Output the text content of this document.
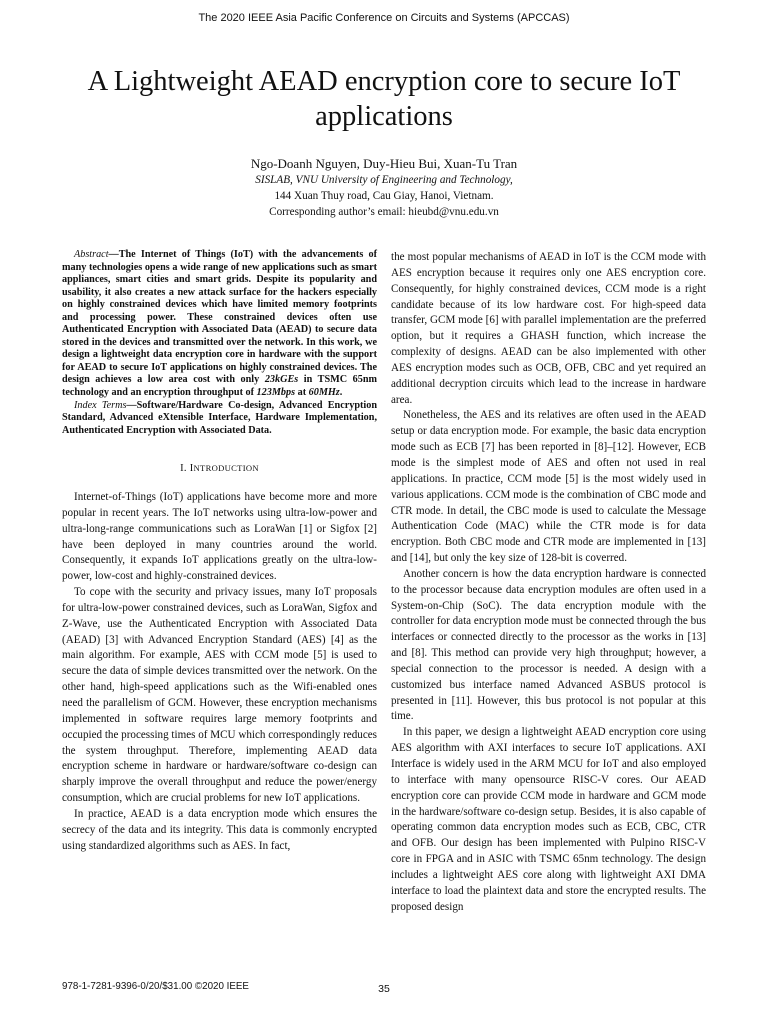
The 2020 IEEE Asia Pacific Conference on Circuits and Systems (APCCAS)
A Lightweight AEAD encryption core to secure IoT applications
Ngo-Doanh Nguyen, Duy-Hieu Bui, Xuan-Tu Tran
SISLAB, VNU University of Engineering and Technology,
144 Xuan Thuy road, Cau Giay, Hanoi, Vietnam.
Corresponding author’s email: hieubd@vnu.edu.vn

Abstract—The Internet of Things (IoT) with the advancements of many technologies opens a wide range of new applications such as smart appliances, smart cities and smart grids. Despite its popularity and usability, it also creates a new attack surface for the hackers especially on highly constrained devices which have limited memory footprints and processing power. These constrained devices often use Authenticated Encryption with Associated Data (AEAD) to secure data stored in the devices and transmitted over the network. In this work, we design a lightweight data encryption core in hardware with the support for AEAD to secure IoT applications on highly constrained devices. The design achieves a low area cost with only 23kGEs in TSMC 65nm technology and an encryption throughput of 123Mbps at 60MHz.

Index Terms—Software/Hardware Co-design, Advanced Encryption Standard, Advanced eXtensible Interface, Hardware Implementation, Authenticated Encryption with Associated Data.

I. INTRODUCTION

Internet-of-Things (IoT) applications have become more and more popular in recent years. The IoT networks using ultra-low-power and ultra-long-range communications such as LoraWan [1] or Sigfox [2] have been deployed in many countries around the world. Consequently, it expands IoT applications greatly on the ultra-low-power, low-cost and highly-constrained devices.

To cope with the security and privacy issues, many IoT proposals for ultra-low-power constrained devices, such as LoraWan, Sigfox and Z-Wave, use the Authenticated Encryption with Associated Data (AEAD) [3] with Advanced Encryption Standard (AES) [4] as the main algorithm. For example, AES with CCM mode [5] is used to secure the data of simple devices transmitted over the network. On the other hand, high-speed applications such as the Wifi-enabled ones need the parallelism of GCM. However, these encryption mechanisms implemented in software requires large memory footprints and occupied the processing times of MCU which correspondingly reduces the system throughput. Therefore, implementing AEAD data encryption scheme in hardware or hardware/software co-design can sharply improve the overall throughput and reduce the power/energy consumption, which are crucial problems for new IoT applications.

In practice, AEAD is a data encryption mode which ensures the secrecy of the data and its integrity. This data is commonly encrypted using standardized algorithms such as AES. In fact,

the most popular mechanisms of AEAD in IoT is the CCM mode with AES encryption because it requires only one AES encryption core. Consequently, for highly constrained devices, CCM mode is a right candidate because of its low hardware cost. For high-speed data transfer, GCM mode [6] with parallel implementation are the preferred option, but it requires a GHASH function, which increase the complexity of designs. AEAD can be also implemented with other AES encryption modes such as OCB, OFB, CBC and yet required an additional decryption circuits which lead to the increase in hardware area.

Nonetheless, the AES and its relatives are often used in the AEAD setup or data encryption mode. For example, the basic data encryption mode such as ECB [7] has been reported in [8]–[12]. However, ECB mode is the simplest mode of AES and often not used in real applications. In practice, CCM mode [5] is the most widely used in various applications. CCM mode is the combination of CBC mode and CTR mode. In detail, the CBC mode is used to calculate the Message Authentication Code (MAC) while the CTR mode is for data encryption. Both CBC mode and CTR mode are implemented in [13] and [14], but only the key size of 128-bit is coverred.

Another concern is how the data encryption hardware is connected to the processor because data encryption modules are often used in a System-on-Chip (SoC). The data encryption module with the controller for data encryption mode must be connected through the bus interfaces or connected directly to the processor as the works in [13] and [8]. This method can provide very high throughput; however, a special connection to the processor is needed. A design with a customized bus interface named Advanced ASBUS protocol is presented in [11]. However, this bus protocol is not popular at this time.

In this paper, we design a lightweight AEAD encryption core using AES algorithm with AXI interfaces to secure IoT applications. AXI Interface is widely used in the ARM MCU for IoT and also employed to interface with many opensource RISC-V cores. Our AEAD encryption core can provide CCM mode in hardware and GCM mode in the hardware/software co-design setup. Besides, it is also capable of operating common data encryption modes such as ECB, CBC, CTR and OFB. Our design has been implemented with Pulpino RISC-V core in FPGA and in ASIC with TSMC 65nm technology. The design includes a lightweight AES core along with lightweight AXI DMA interface to load the plaintext data and store the encrypted results. The proposed design

978-1-7281-9396-0/20/$31.00 ©2020 IEEE	35
